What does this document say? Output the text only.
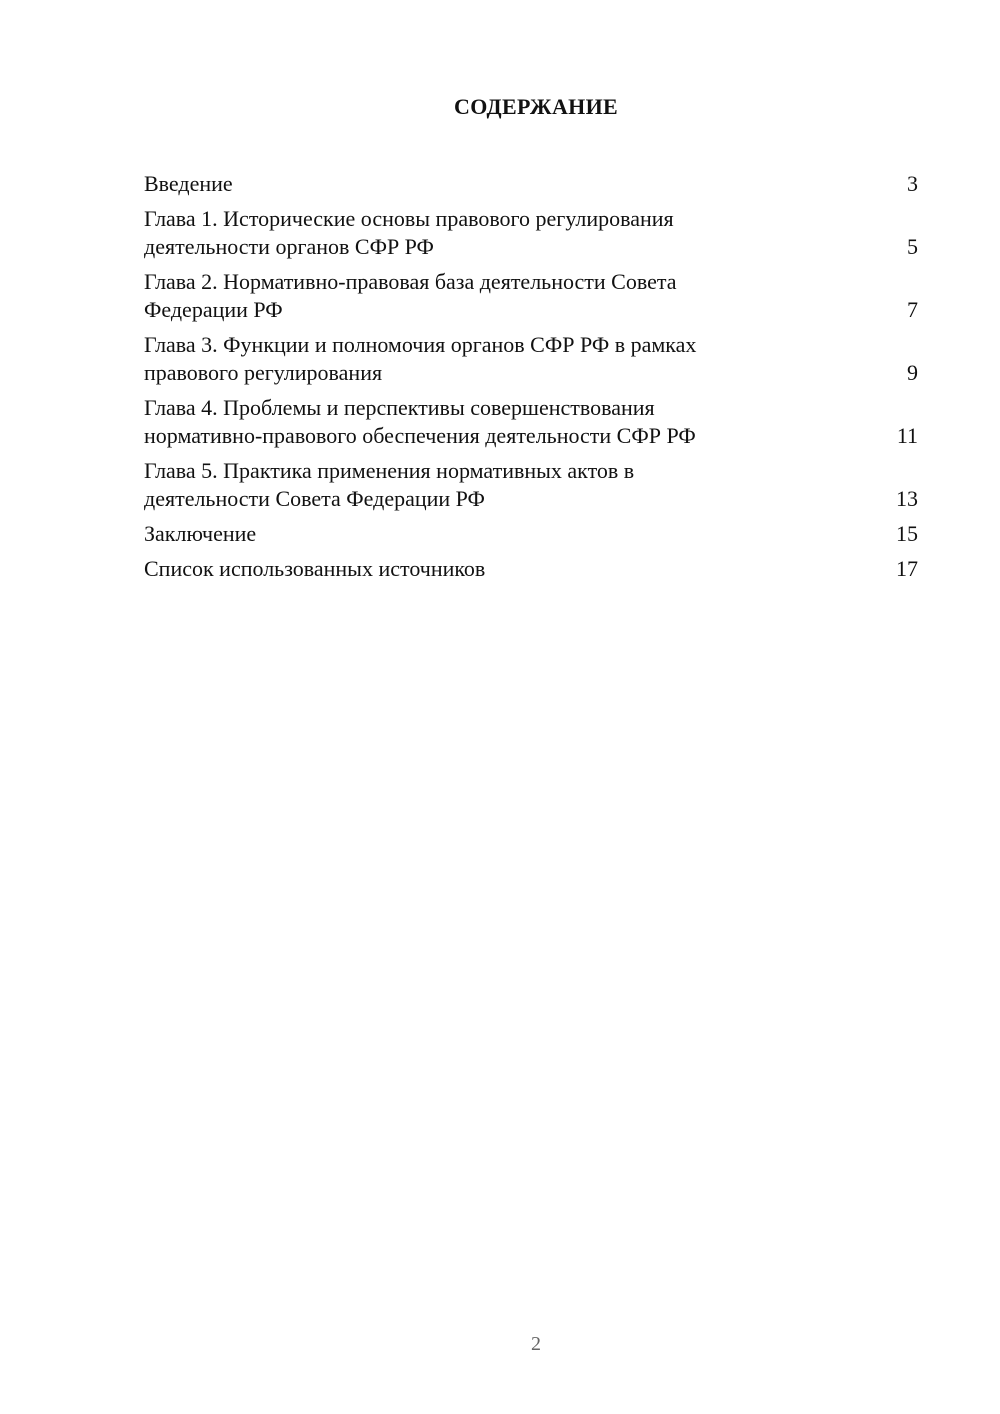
СОДЕРЖАНИЕ
Введение	3
Глава 1. Исторические основы правового регулирования
деятельности органов СФР РФ	5
Глава 2. Нормативно-правовая база деятельности Совета
Федерации РФ	7
Глава 3. Функции и полномочия органов СФР РФ в рамках
правового регулирования	9
Глава 4. Проблемы и перспективы совершенствования
нормативно-правового обеспечения деятельности СФР РФ	11
Глава 5. Практика применения нормативных актов в
деятельности Совета Федерации РФ	13
Заключение	15
Список использованных источников	17
2
